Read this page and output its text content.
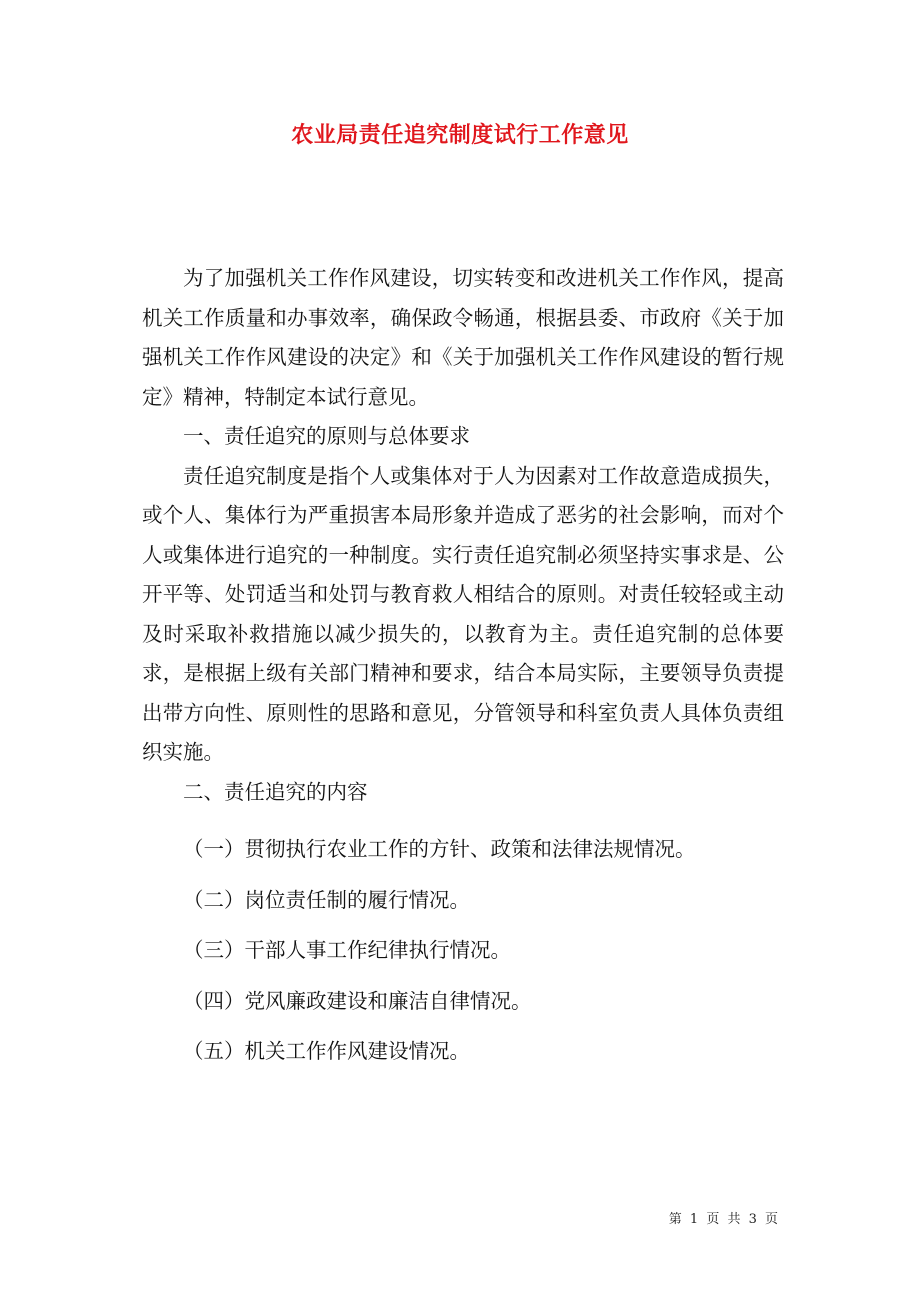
农业局责任追究制度试行工作意见

为了加强机关工作作风建设，切实转变和改进机关工作作风，提高机关工作质量和办事效率，确保政令畅通，根据县委、市政府《关于加强机关工作作风建设的决定》和《关于加强机关工作作风建设的暂行规定》精神，特制定本试行意见。

一、责任追究的原则与总体要求

责任追究制度是指个人或集体对于人为因素对工作故意造成损失，或个人、集体行为严重损害本局形象并造成了恶劣的社会影响，而对个人或集体进行追究的一种制度。实行责任追究制必须坚持实事求是、公开平等、处罚适当和处罚与教育救人相结合的原则。对责任较轻或主动及时采取补救措施以减少损失的，以教育为主。责任追究制的总体要求，是根据上级有关部门精神和要求，结合本局实际，主要领导负责提出带方向性、原则性的思路和意见，分管领导和科室负责人具体负责组织实施。

二、责任追究的内容

（一）贯彻执行农业工作的方针、政策和法律法规情况。

（二）岗位责任制的履行情况。

（三）干部人事工作纪律执行情况。

（四）党风廉政建设和廉洁自律情况。

（五）机关工作作风建设情况。

第 1 页 共 3 页
